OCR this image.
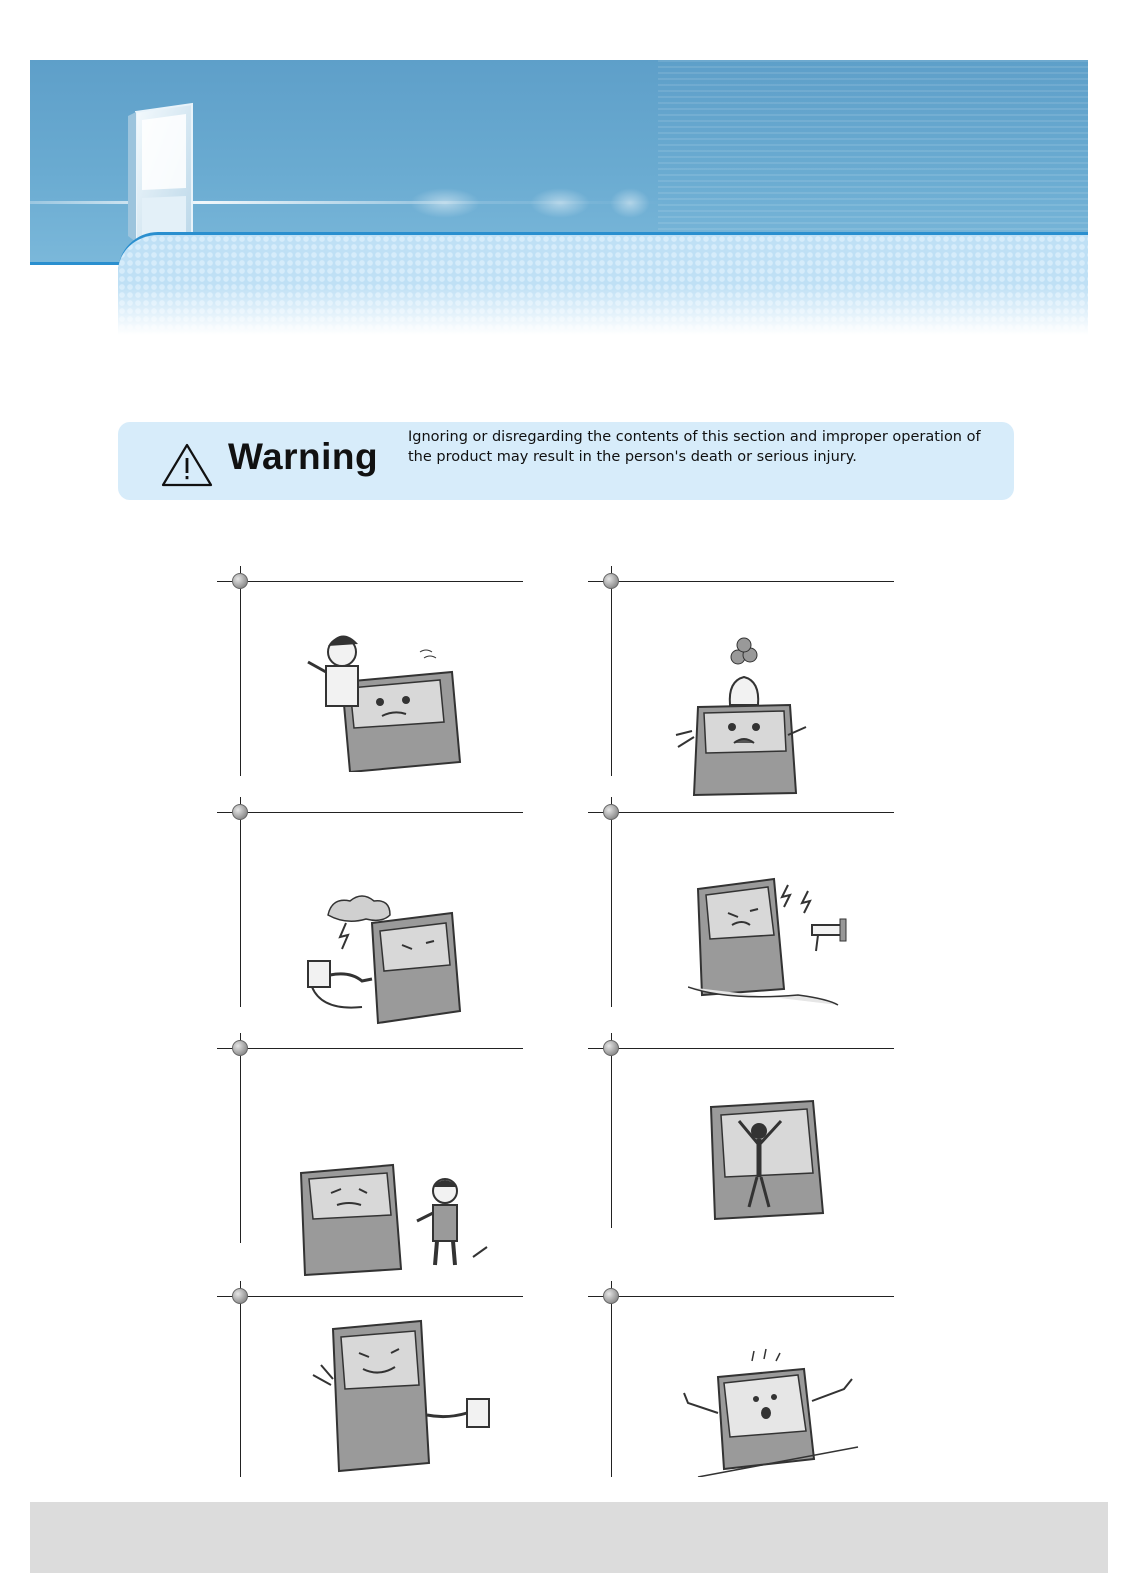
Warning Ignoring or disregarding the contents of this section and improper operation of the product may result in the person's death or serious injury.
